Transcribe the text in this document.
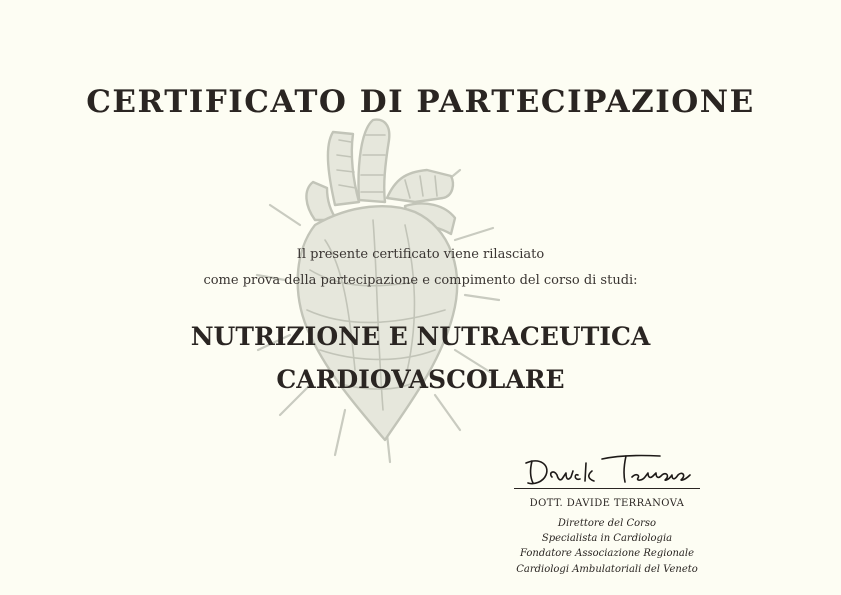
CERTIFICATO DI PARTECIPAZIONE
Il presente certificato viene rilasciato
come prova della partecipazione e compimento del corso di studi:
NUTRIZIONE E NUTRACEUTICA
CARDIOVASCOLARE
DOTT. DAVIDE TERRANOVA
Direttore del Corso
Specialista in Cardiologia
Fondatore Associazione Regionale
Cardiologi Ambulatoriali del Veneto
